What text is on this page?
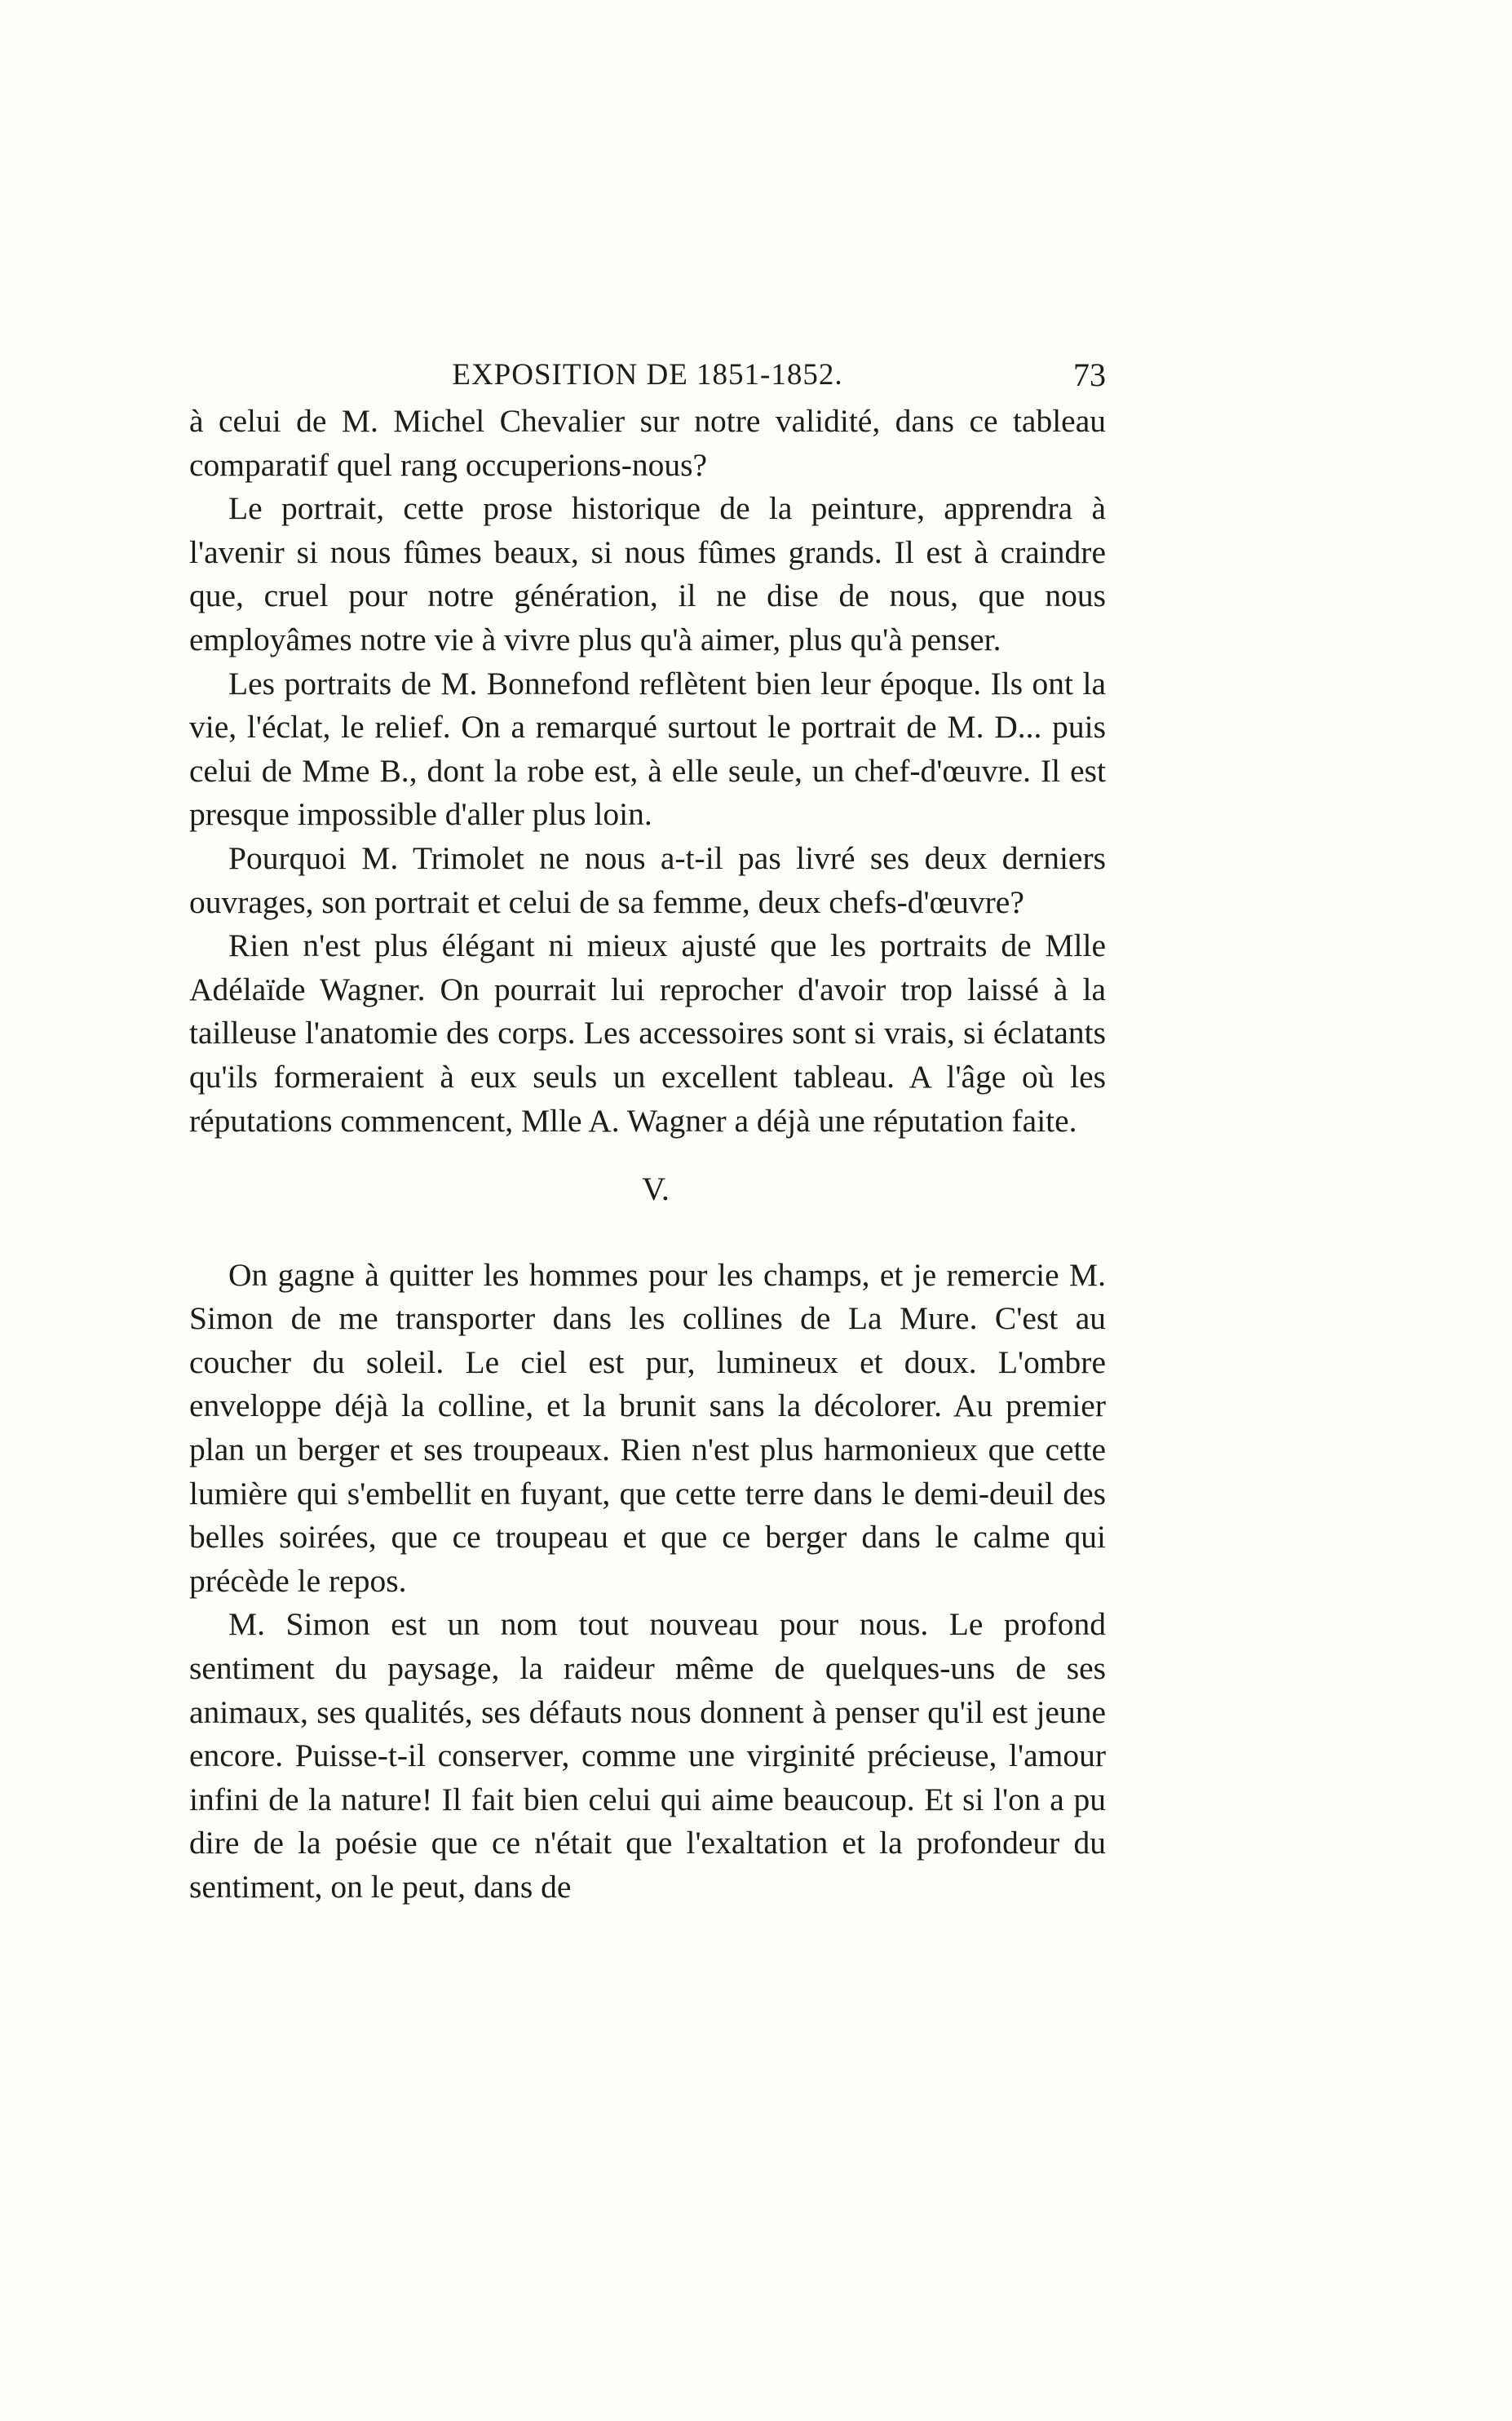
EXPOSITION DE 1851-1852.	73

à celui de M. Michel Chevalier sur notre validité, dans ce tableau comparatif quel rang occuperions-nous?

Le portrait, cette prose historique de la peinture, apprendra à l'avenir si nous fûmes beaux, si nous fûmes grands. Il est à craindre que, cruel pour notre génération, il ne dise de nous, que nous employâmes notre vie à vivre plus qu'à aimer, plus qu'à penser.

Les portraits de M. Bonnefond reflètent bien leur époque. Ils ont la vie, l'éclat, le relief. On a remarqué surtout le portrait de M. D... puis celui de Mme B., dont la robe est, à elle seule, un chef-d'œuvre. Il est presque impossible d'aller plus loin.

Pourquoi M. Trimolet ne nous a-t-il pas livré ses deux derniers ouvrages, son portrait et celui de sa femme, deux chefs-d'œuvre?

Rien n'est plus élégant ni mieux ajusté que les portraits de Mlle Adélaïde Wagner. On pourrait lui reprocher d'avoir trop laissé à la tailleuse l'anatomie des corps. Les accessoires sont si vrais, si éclatants qu'ils formeraient à eux seuls un excellent tableau. A l'âge où les réputations commencent, Mlle A. Wagner a déjà une réputation faite.

V.

On gagne à quitter les hommes pour les champs, et je remercie M. Simon de me transporter dans les collines de La Mure. C'est au coucher du soleil. Le ciel est pur, lumineux et doux. L'ombre enveloppe déjà la colline, et la brunit sans la décolorer. Au premier plan un berger et ses troupeaux. Rien n'est plus harmonieux que cette lumière qui s'embellit en fuyant, que cette terre dans le demi-deuil des belles soirées, que ce troupeau et que ce berger dans le calme qui précède le repos.

M. Simon est un nom tout nouveau pour nous. Le profond sentiment du paysage, la raideur même de quelques-uns de ses animaux, ses qualités, ses défauts nous donnent à penser qu'il est jeune encore. Puisse-t-il conserver, comme une virginité précieuse, l'amour infini de la nature! Il fait bien celui qui aime beaucoup. Et si l'on a pu dire de la poésie que ce n'était que l'exaltation et la profondeur du sentiment, on le peut, dans de
